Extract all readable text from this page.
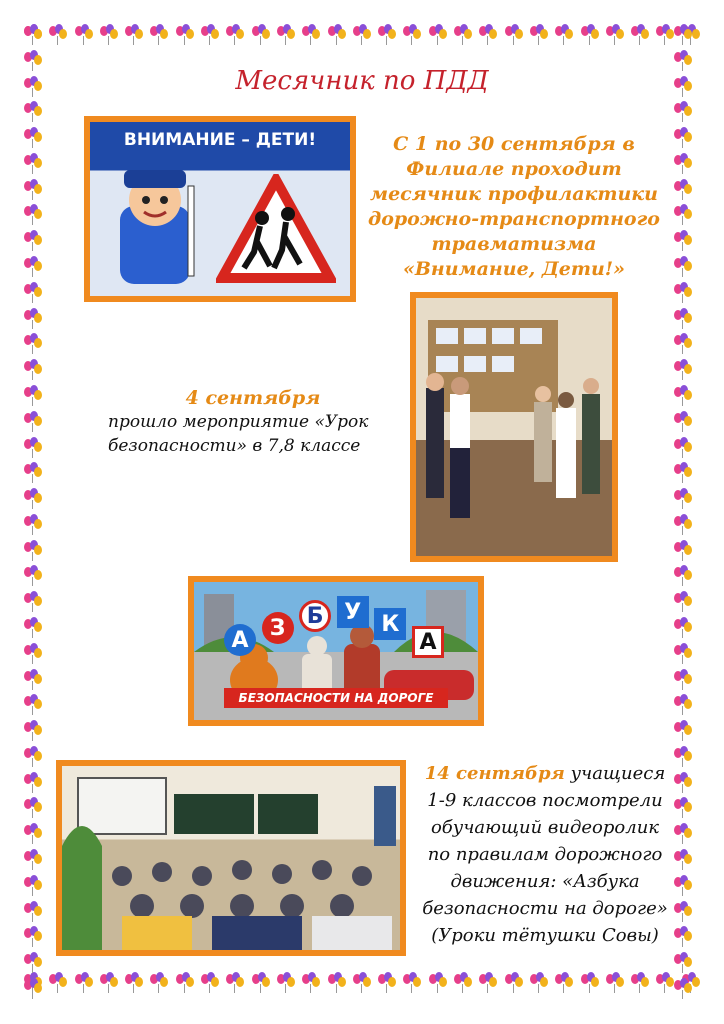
Месячник по ПДД
ВНИМАНИЕ – ДЕТИ!	С 1 по 30 сентября в Филиале проходит месячник профилактики дорожно-транспортного травматизма «Внимание, Дети!»
4 сентября
прошло мероприятие «Урок безопасности» в 7,8 классе
А З Б У К
А
БЕЗОПАСНОСТИ НА ДОРОГЕ
14 сентября учащиеся 1-9 классов посмотрели обучающий видеоролик по правилам дорожного движения: «Азбука безопасности на дороге» (Уроки тётушки Совы)
